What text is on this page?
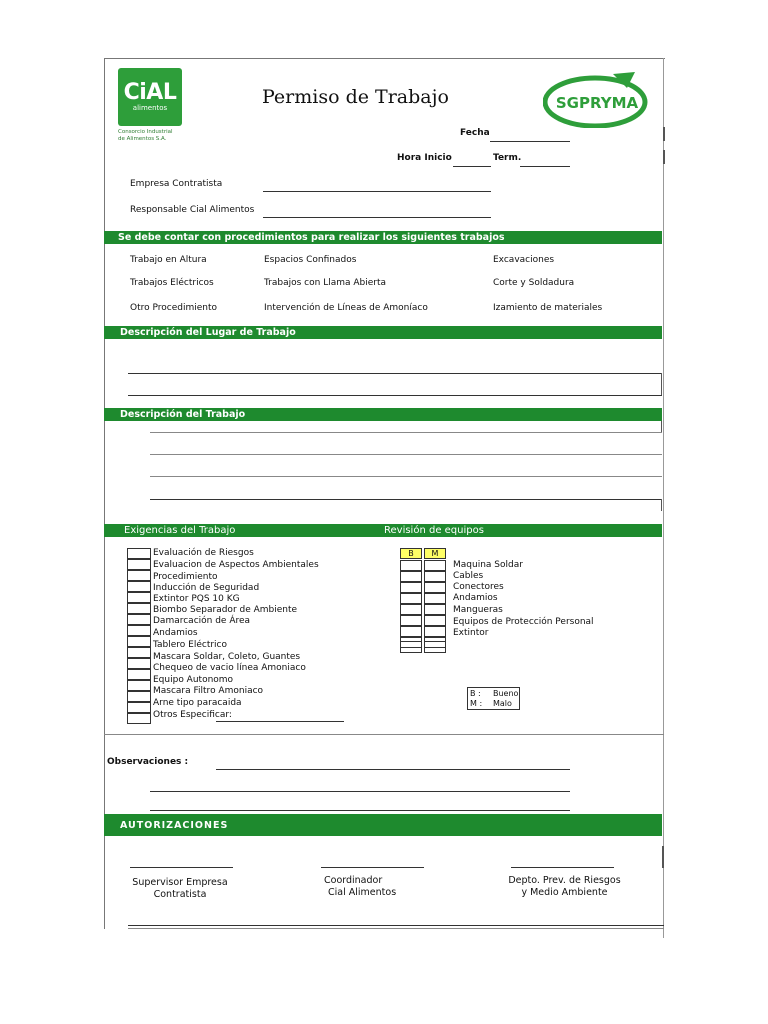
CiAL
alimentos
Consorcio Industrial
de Alimentos S.A.
Permiso de Trabajo	SGPRYMA
Fecha
Hora Inicio	Term.
Empresa Contratista
Responsable Cial Alimentos
Se debe contar con procedimientos para realizar los siguientes trabajos
Trabajo en Altura	Espacios Confinados	Excavaciones
Trabajos Eléctricos	Trabajos con Llama Abierta	Corte y Soldadura
Otro Procedimiento	Intervención de Líneas de Amoníaco	Izamiento de materiales
Descripción del Lugar de Trabajo
Descripción del Trabajo
Exigencias del Trabajo	Revisión de equipos
Evaluación de Riesgos
Evaluacion de Aspectos Ambientales
Procedimiento
Inducción de Seguridad
Extintor PQS 10 KG
Biombo Separador de Ambiente
Damarcación de Área
Andamios
Tablero Eléctrico
Mascara Soldar, Coleto, Guantes
Chequeo de vacio línea Amoniaco
Equipo Autonomo
Mascara Filtro Amoniaco
Arne tipo paracaida
Otros Especificar:
B	M
Maquina Soldar
Cables
Conectores
Andamios
Mangueras
Equipos de Protección Personal
Extintor
B : Bueno
M : Malo
Observaciones :
AUTORIZACIONES
Supervisor Empresa
Contratista
Coordinador
Cial Alimentos
Depto. Prev. de Riesgos
y Medio Ambiente
